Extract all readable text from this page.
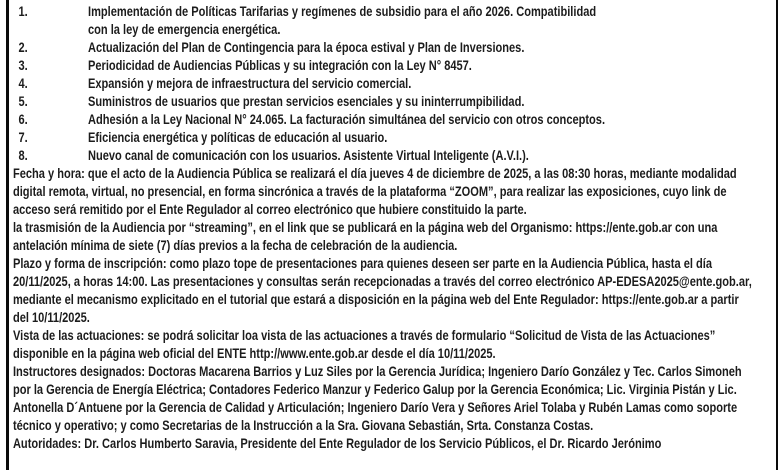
1.	Implementación de Políticas Tarifarias y regímenes de subsidio para el año 2026. Compatibilidad
con la ley de emergencia energética.
2.	Actualización del Plan de Contingencia para la época estival y Plan de Inversiones.
3.	Periodicidad de Audiencias Públicas y su integración con la Ley N° 8457.
4.	Expansión y mejora de infraestructura del servicio comercial.
5.	Suministros de usuarios que prestan servicios esenciales y su ininterrumpibilidad.
6.	Adhesión a la Ley Nacional N° 24.065. La facturación simultánea del servicio con otros conceptos.
7.	Eficiencia energética y políticas de educación al usuario.
8.	Nuevo canal de comunicación con los usuarios. Asistente Virtual Inteligente (A.V.I.).

Fecha y hora: que el acto de la Audiencia Pública se realizará el día jueves 4 de diciembre de 2025, a las 08:30 horas, mediante modalidad digital remota, virtual, no presencial, en forma sincrónica a través de la plataforma “ZOOM”, para realizar las exposiciones, cuyo link de acceso será remitido por el Ente Regulador al correo electrónico que hubiere constituido la parte.

la trasmisión de la Audiencia por “streaming”, en el link que se publicará en la página web del Organismo: https://ente.gob.ar con una antelación mínima de siete (7) días previos a la fecha de celebración de la audiencia.

Plazo y forma de inscripción: como plazo tope de presentaciones para quienes deseen ser parte en la Audiencia Pública, hasta el día 20/11/2025, a horas 14:00. Las presentaciones y consultas serán recepcionadas a través del correo electrónico AP-EDESA2025@ente.gob.ar, mediante el mecanismo explicitado en el tutorial que estará a disposición en la página web del Ente Regulador: https://ente.gob.ar a partir del 10/11/2025.

Vista de las actuaciones: se podrá solicitar loa vista de las actuaciones a través de formulario “Solicitud de Vista de las Actuaciones” disponible en la página web oficial del ENTE http://www.ente.gob.ar desde el día 10/11/2025.

Instructores designados: Doctoras Macarena Barrios y Luz Siles por la Gerencia Jurídica; Ingeniero Darío González y Tec. Carlos Simoneh por la Gerencia de Energía Eléctrica; Contadores Federico Manzur y Federico Galup por la Gerencia Económica; Lic. Virginia Pistán y Lic. Antonella D´Antuene por la Gerencia de Calidad y Articulación; Ingeniero Darío Vera y Señores Ariel Tolaba y Rubén Lamas como soporte técnico y operativo; y como Secretarias de la Instrucción a la Sra. Giovana Sebastián, Srta. Constanza Costas.

Autoridades: Dr. Carlos Humberto Saravia, Presidente del Ente Regulador de los Servicio Públicos, el Dr. Ricardo Jerónimo
